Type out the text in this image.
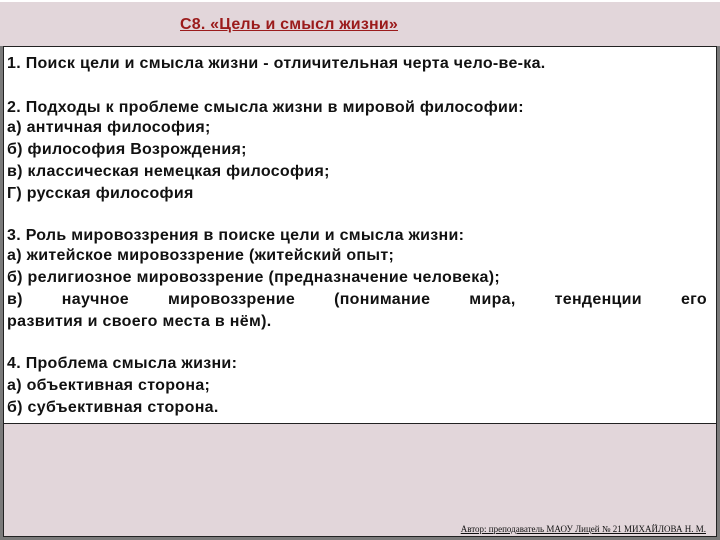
С8. «Цель и смысл жизни»
1. Поиск цели и смысла жизни - отличительная черта чело-ве-ка.
2. Подходы к проблеме смысла жизни в мировой философии:
а) античная философия;
б) философия Возрождения;
в) классическая немецкая философия;
Г) русская философия
3. Роль мировоззрения в поиске цели и смысла жизни:
а) житейское мировоззрение (житейский опыт;
б) религиозное мировоззрение (предназначение человека);
в) научное мировоззрение (понимание мира, тенденции его
развития и своего места в нём).
4. Проблема смысла жизни:
а) объективная сторона;
б) субъективная сторона.
Автор: преподаватель МАОУ Лицей № 21 МИХАЙЛОВА Н. М.
